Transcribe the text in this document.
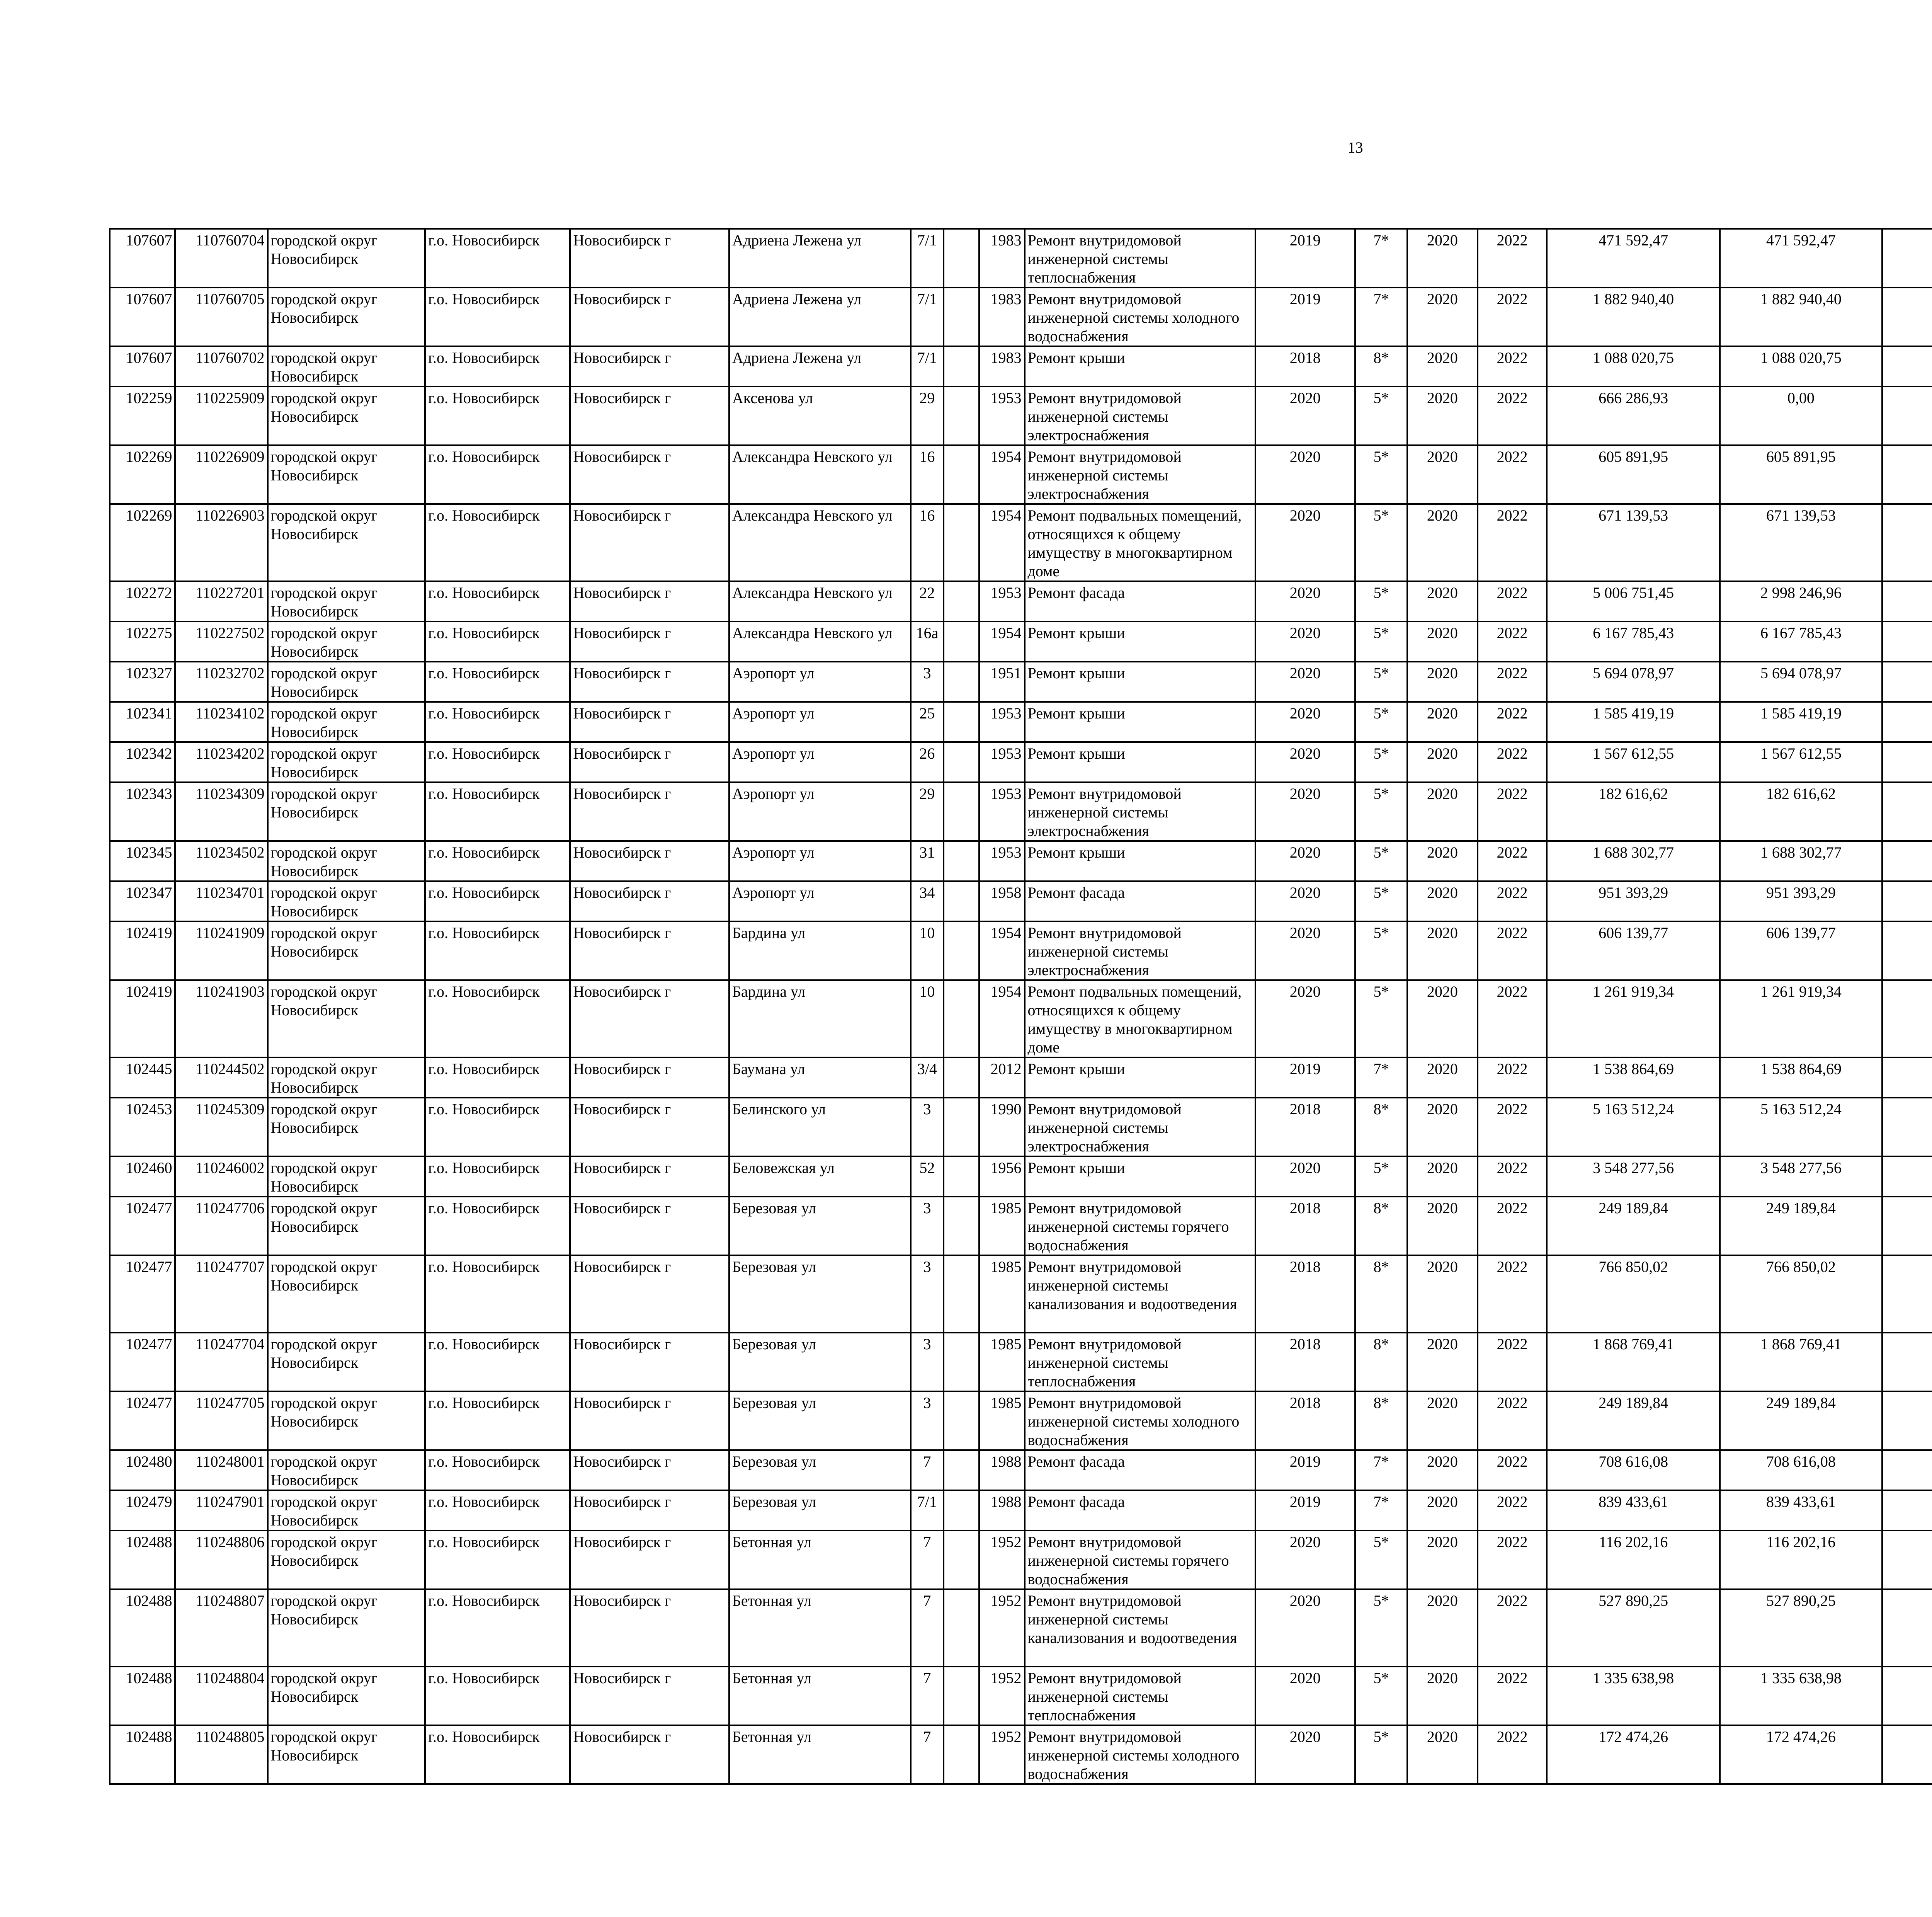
13
107607	110760704	городской округ Новосибирск	г.о. Новосибирск	Новосибирск г	Адриена Лежена ул	7/1		1983	Ремонт внутридомовой инженерной системы теплоснабжения	2019	7*	2020	2022	471 592,47	471 592,47						
107607	110760705	городской округ Новосибирск	г.о. Новосибирск	Новосибирск г	Адриена Лежена ул	7/1		1983	Ремонт внутридомовой инженерной системы холодного водоснабжения	2019	7*	2020	2022	1 882 940,40	1 882 940,40						
107607	110760702	городской округ Новосибирск	г.о. Новосибирск	Новосибирск г	Адриена Лежена ул	7/1		1983	Ремонт крыши	2018	8*	2020	2022	1 088 020,75	1 088 020,75						
102259	110225909	городской округ Новосибирск	г.о. Новосибирск	Новосибирск г	Аксенова ул	29		1953	Ремонт внутридомовой инженерной системы электроснабжения	2020	5*	2020	2022	666 286,93	0,00						
102269	110226909	городской округ Новосибирск	г.о. Новосибирск	Новосибирск г	Александра Невского ул	16		1954	Ремонт внутридомовой инженерной системы электроснабжения	2020	5*	2020	2022	605 891,95	605 891,95						
102269	110226903	городской округ Новосибирск	г.о. Новосибирск	Новосибирск г	Александра Невского ул	16		1954	Ремонт подвальных помещений, относящихся к общему имуществу в многоквартирном доме	2020	5*	2020	2022	671 139,53	671 139,53						
102272	110227201	городской округ Новосибирск	г.о. Новосибирск	Новосибирск г	Александра Невского ул	22		1953	Ремонт фасада	2020	5*	2020	2022	5 006 751,45	2 998 246,96						
102275	110227502	городской округ Новосибирск	г.о. Новосибирск	Новосибирск г	Александра Невского ул	16а		1954	Ремонт крыши	2020	5*	2020	2022	6 167 785,43	6 167 785,43						
102327	110232702	городской округ Новосибирск	г.о. Новосибирск	Новосибирск г	Аэропорт ул	3		1951	Ремонт крыши	2020	5*	2020	2022	5 694 078,97	5 694 078,97						
102341	110234102	городской округ Новосибирск	г.о. Новосибирск	Новосибирск г	Аэропорт ул	25		1953	Ремонт крыши	2020	5*	2020	2022	1 585 419,19	1 585 419,19						
102342	110234202	городской округ Новосибирск	г.о. Новосибирск	Новосибирск г	Аэропорт ул	26		1953	Ремонт крыши	2020	5*	2020	2022	1 567 612,55	1 567 612,55						
102343	110234309	городской округ Новосибирск	г.о. Новосибирск	Новосибирск г	Аэропорт ул	29		1953	Ремонт внутридомовой инженерной системы электроснабжения	2020	5*	2020	2022	182 616,62	182 616,62						
102345	110234502	городской округ Новосибирск	г.о. Новосибирск	Новосибирск г	Аэропорт ул	31		1953	Ремонт крыши	2020	5*	2020	2022	1 688 302,77	1 688 302,77						
102347	110234701	городской округ Новосибирск	г.о. Новосибирск	Новосибирск г	Аэропорт ул	34		1958	Ремонт фасада	2020	5*	2020	2022	951 393,29	951 393,29						
102419	110241909	городской округ Новосибирск	г.о. Новосибирск	Новосибирск г	Бардина ул	10		1954	Ремонт внутридомовой инженерной системы электроснабжения	2020	5*	2020	2022	606 139,77	606 139,77						
102419	110241903	городской округ Новосибирск	г.о. Новосибирск	Новосибирск г	Бардина ул	10		1954	Ремонт подвальных помещений, относящихся к общему имуществу в многоквартирном доме	2020	5*	2020	2022	1 261 919,34	1 261 919,34						
102445	110244502	городской округ Новосибирск	г.о. Новосибирск	Новосибирск г	Баумана ул	3/4		2012	Ремонт крыши	2019	7*	2020	2022	1 538 864,69	1 538 864,69						
102453	110245309	городской округ Новосибирск	г.о. Новосибирск	Новосибирск г	Белинского ул	3		1990	Ремонт внутридомовой инженерной системы электроснабжения	2018	8*	2020	2022	5 163 512,24	5 163 512,24						
102460	110246002	городской округ Новосибирск	г.о. Новосибирск	Новосибирск г	Беловежская ул	52		1956	Ремонт крыши	2020	5*	2020	2022	3 548 277,56	3 548 277,56						
102477	110247706	городской округ Новосибирск	г.о. Новосибирск	Новосибирск г	Березовая ул	3		1985	Ремонт внутридомовой инженерной системы горячего водоснабжения	2018	8*	2020	2022	249 189,84	249 189,84						
102477	110247707	городской округ Новосибирск	г.о. Новосибирск	Новосибирск г	Березовая ул	3		1985	Ремонт внутридомовой инженерной системы канализования и водоотведения	2018	8*	2020	2022	766 850,02	766 850,02						
102477	110247704	городской округ Новосибирск	г.о. Новосибирск	Новосибирск г	Березовая ул	3		1985	Ремонт внутридомовой инженерной системы теплоснабжения	2018	8*	2020	2022	1 868 769,41	1 868 769,41						
102477	110247705	городской округ Новосибирск	г.о. Новосибирск	Новосибирск г	Березовая ул	3		1985	Ремонт внутридомовой инженерной системы холодного водоснабжения	2018	8*	2020	2022	249 189,84	249 189,84						
102480	110248001	городской округ Новосибирск	г.о. Новосибирск	Новосибирск г	Березовая ул	7		1988	Ремонт фасада	2019	7*	2020	2022	708 616,08	708 616,08						
102479	110247901	городской округ Новосибирск	г.о. Новосибирск	Новосибирск г	Березовая ул	7/1		1988	Ремонт фасада	2019	7*	2020	2022	839 433,61	839 433,61						
102488	110248806	городской округ Новосибирск	г.о. Новосибирск	Новосибирск г	Бетонная ул	7		1952	Ремонт внутридомовой инженерной системы горячего водоснабжения	2020	5*	2020	2022	116 202,16	116 202,16						
102488	110248807	городской округ Новосибирск	г.о. Новосибирск	Новосибирск г	Бетонная ул	7		1952	Ремонт внутридомовой инженерной системы канализования и водоотведения	2020	5*	2020	2022	527 890,25	527 890,25						
102488	110248804	городской округ Новосибирск	г.о. Новосибирск	Новосибирск г	Бетонная ул	7		1952	Ремонт внутридомовой инженерной системы теплоснабжения	2020	5*	2020	2022	1 335 638,98	1 335 638,98						
102488	110248805	городской округ Новосибирск	г.о. Новосибирск	Новосибирск г	Бетонная ул	7		1952	Ремонт внутридомовой инженерной системы холодного водоснабжения	2020	5*	2020	2022	172 474,26	172 474,26						
